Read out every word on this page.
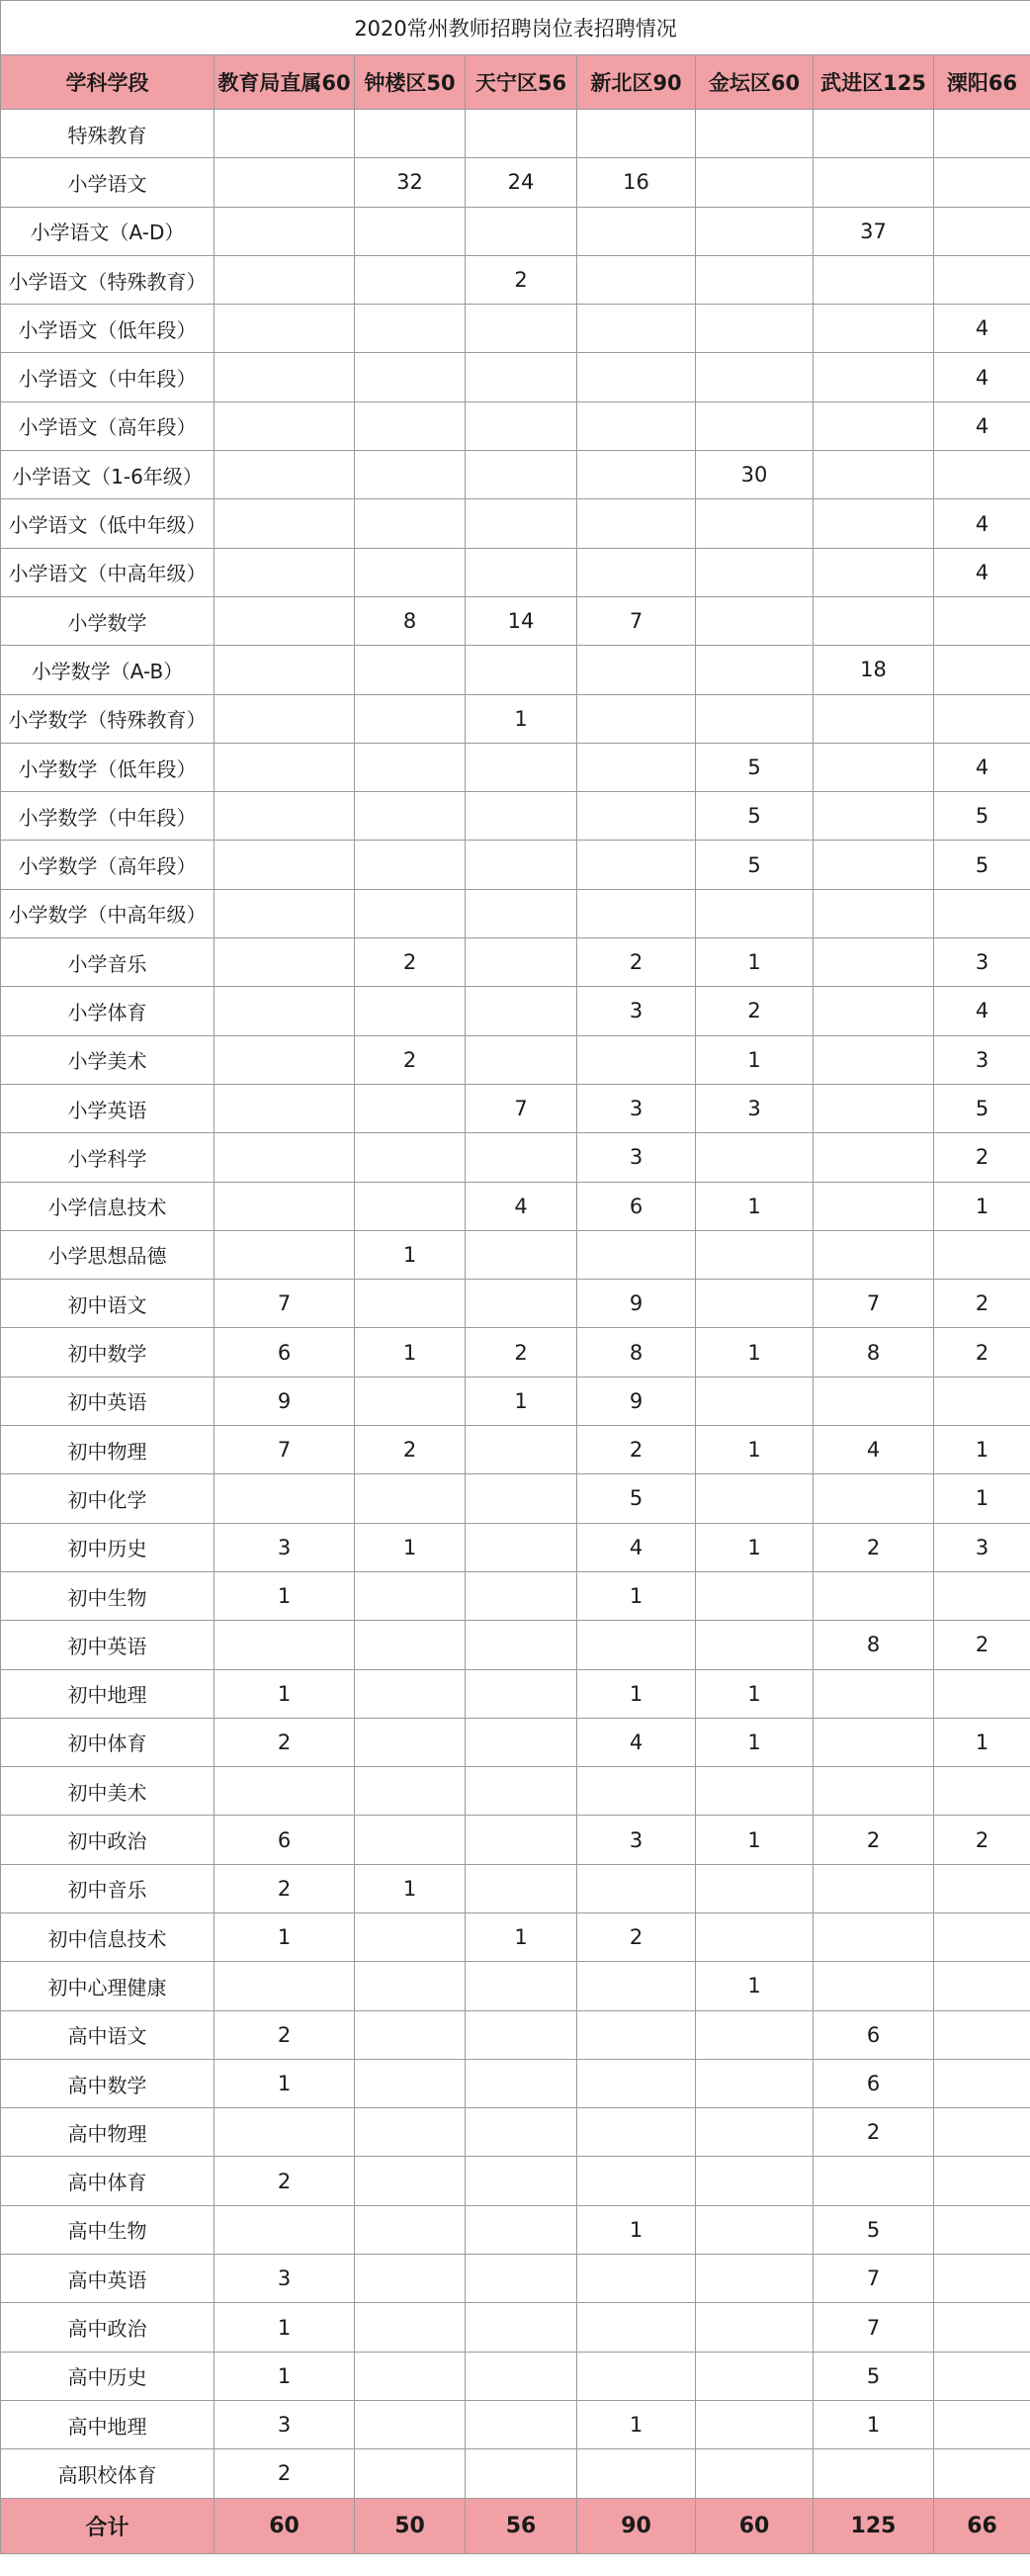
2020常州教师招聘岗位表招聘情况							
学科学段	教育局直属60	钟楼区50	天宁区56	新北区90	金坛区60	武进区125	溧阳66
特殊教育							
小学语文		32	24	16			
小学语文（A-D）						37	
小学语文（特殊教育）			2				
小学语文（低年段）							4
小学语文（中年段）							4
小学语文（高年段）							4
小学语文（1-6年级）					30		
小学语文（低中年级）							4
小学语文（中高年级）							4
小学数学		8	14	7			
小学数学（A-B）						18	
小学数学（特殊教育）			1				
小学数学（低年段）					5		4
小学数学（中年段）					5		5
小学数学（高年段）					5		5
小学数学（中高年级）							
小学音乐		2		2	1		3
小学体育				3	2		4
小学美术		2			1		3
小学英语			7	3	3		5
小学科学				3			2
小学信息技术			4	6	1		1
小学思想品德		1					
初中语文	7			9		7	2
初中数学	6	1	2	8	1	8	2
初中英语	9		1	9			
初中物理	7	2		2	1	4	1
初中化学				5			1
初中历史	3	1		4	1	2	3
初中生物	1			1			
初中英语						8	2
初中地理	1			1	1		
初中体育	2			4	1		1
初中美术							
初中政治	6			3	1	2	2
初中音乐	2	1					
初中信息技术	1		1	2			
初中心理健康					1		
高中语文	2					6	
高中数学	1					6	
高中物理						2	
高中体育	2						
高中生物				1		5	
高中英语	3					7	
高中政治	1					7	
高中历史	1					5	
高中地理	3			1		1	
高职校体育	2						
合计	60	50	56	90	60	125	66
